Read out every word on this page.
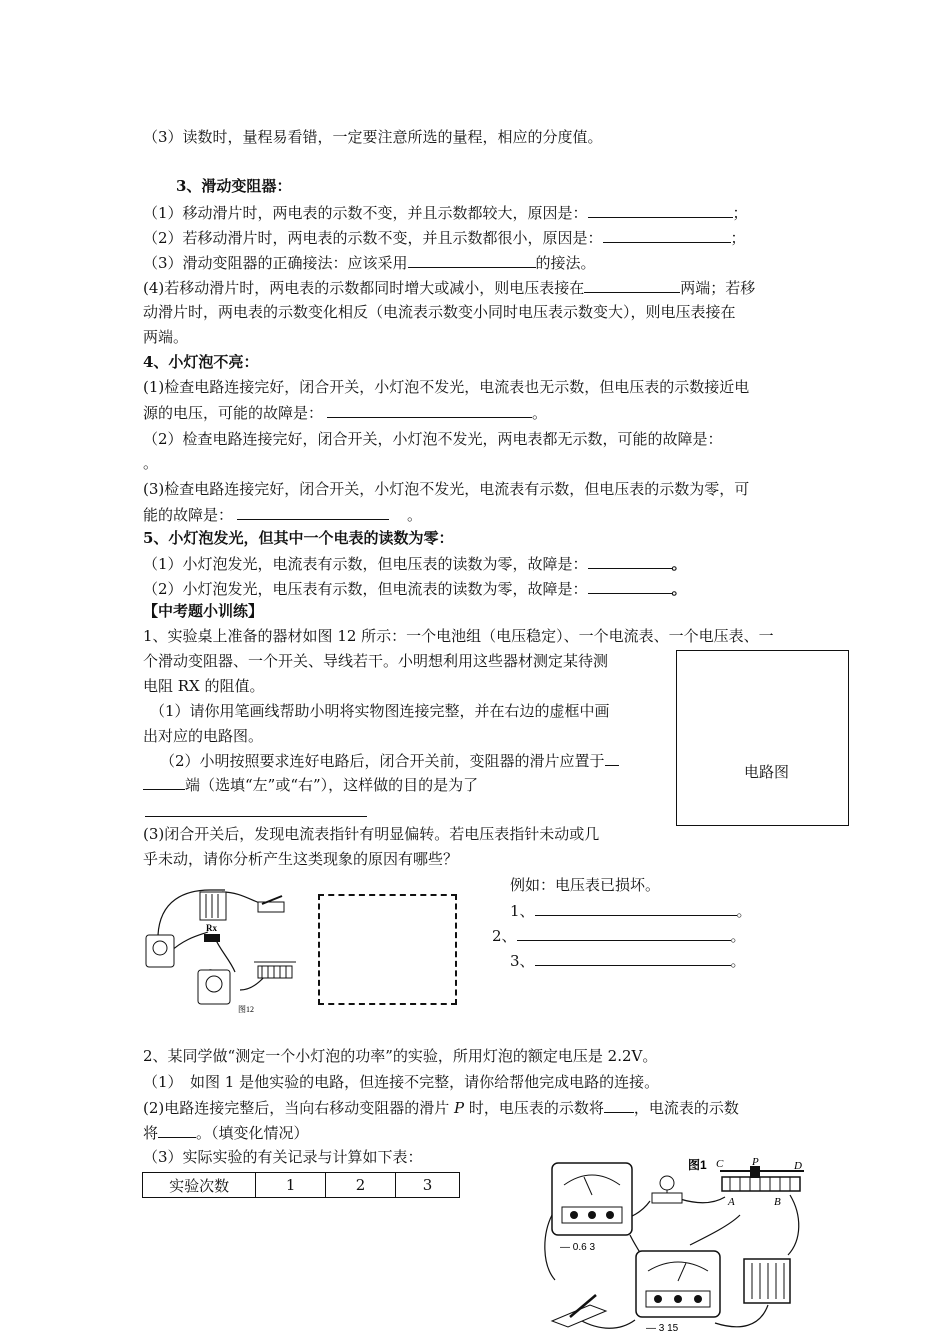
（3）读数时，量程易看错，一定要注意所选的量程，相应的分度值。
3、滑动变阻器：
（1）移动滑片时，两电表的示数不变，并且示数都较大，原因是：	；
（2）若移动滑片时，两电表的示数不变，并且示数都很小，原因是：	；
（3）滑动变阻器的正确接法：应该采用	的接法。
(4)若移动滑片时，两电表的示数都同时增大或减小，则电压表接在	两端；若移
动滑片时，两电表的示数变化相反（电流表示数变小同时电压表示数变大），则电压表接在
两端。
4、小灯泡不亮：
(1)检查电路连接完好，闭合开关，小灯泡不发光，电流表也无示数，但电压表的示数接近电
源的电压，可能的故障是：	。
（2）检查电路连接完好，闭合开关，小灯泡不发光，两电表都无示数，可能的故障是：
。
(3)检查电路连接完好，闭合开关，小灯泡不发光，电流表有示数，但电压表的示数为零，可
能的故障是：	。
5、小灯泡发光，但其中一个电表的读数为零：
（1）小灯泡发光，电流表有示数，但电压表的读数为零，故障是：	。
（2）小灯泡发光，电压表有示数，但电流表的读数为零，故障是：	。
【中考题小训练】
1、实验桌上准备的器材如图 12 所示：一个电池组（电压稳定）、一个电流表、一个电压表、一
个滑动变阻器、一个开关、导线若干。小明想利用这些器材测定某待测
电阻 RX 的阻值。
（1）请你用笔画线帮助小明将实物图连接完整，并在右边的虚框中画
出对应的电路图。
（2）小明按照要求连好电路后，闭合开关前，变阻器的滑片应置于
端（选填“左”或“右”），这样做的目的是为了
(3)闭合开关后，发现电流表指针有明显偏转。若电压表指针未动或几
乎未动，请你分析产生这类现象的原因有哪些？
电路图
Rx
图12
例如：电压表已损坏。
1、	。
2、	。
3、	。
2、某同学做“测定一个小灯泡的功率”的实验，所用灯泡的额定电压是 2.2V。
（1）　如图 1 是他实验的电路，但连接不完整，请你给帮他完成电路的连接。
(2)电路连接完整后，当向右移动变阻器的滑片 P 时，电压表的示数将 ，电流表的示数
将	。（填变化情况）
（3）实际实验的有关记录与计算如下表：
实验次数	1	2	3
图1
— 0.6 3
C	P	D
A	B
— 3 15
